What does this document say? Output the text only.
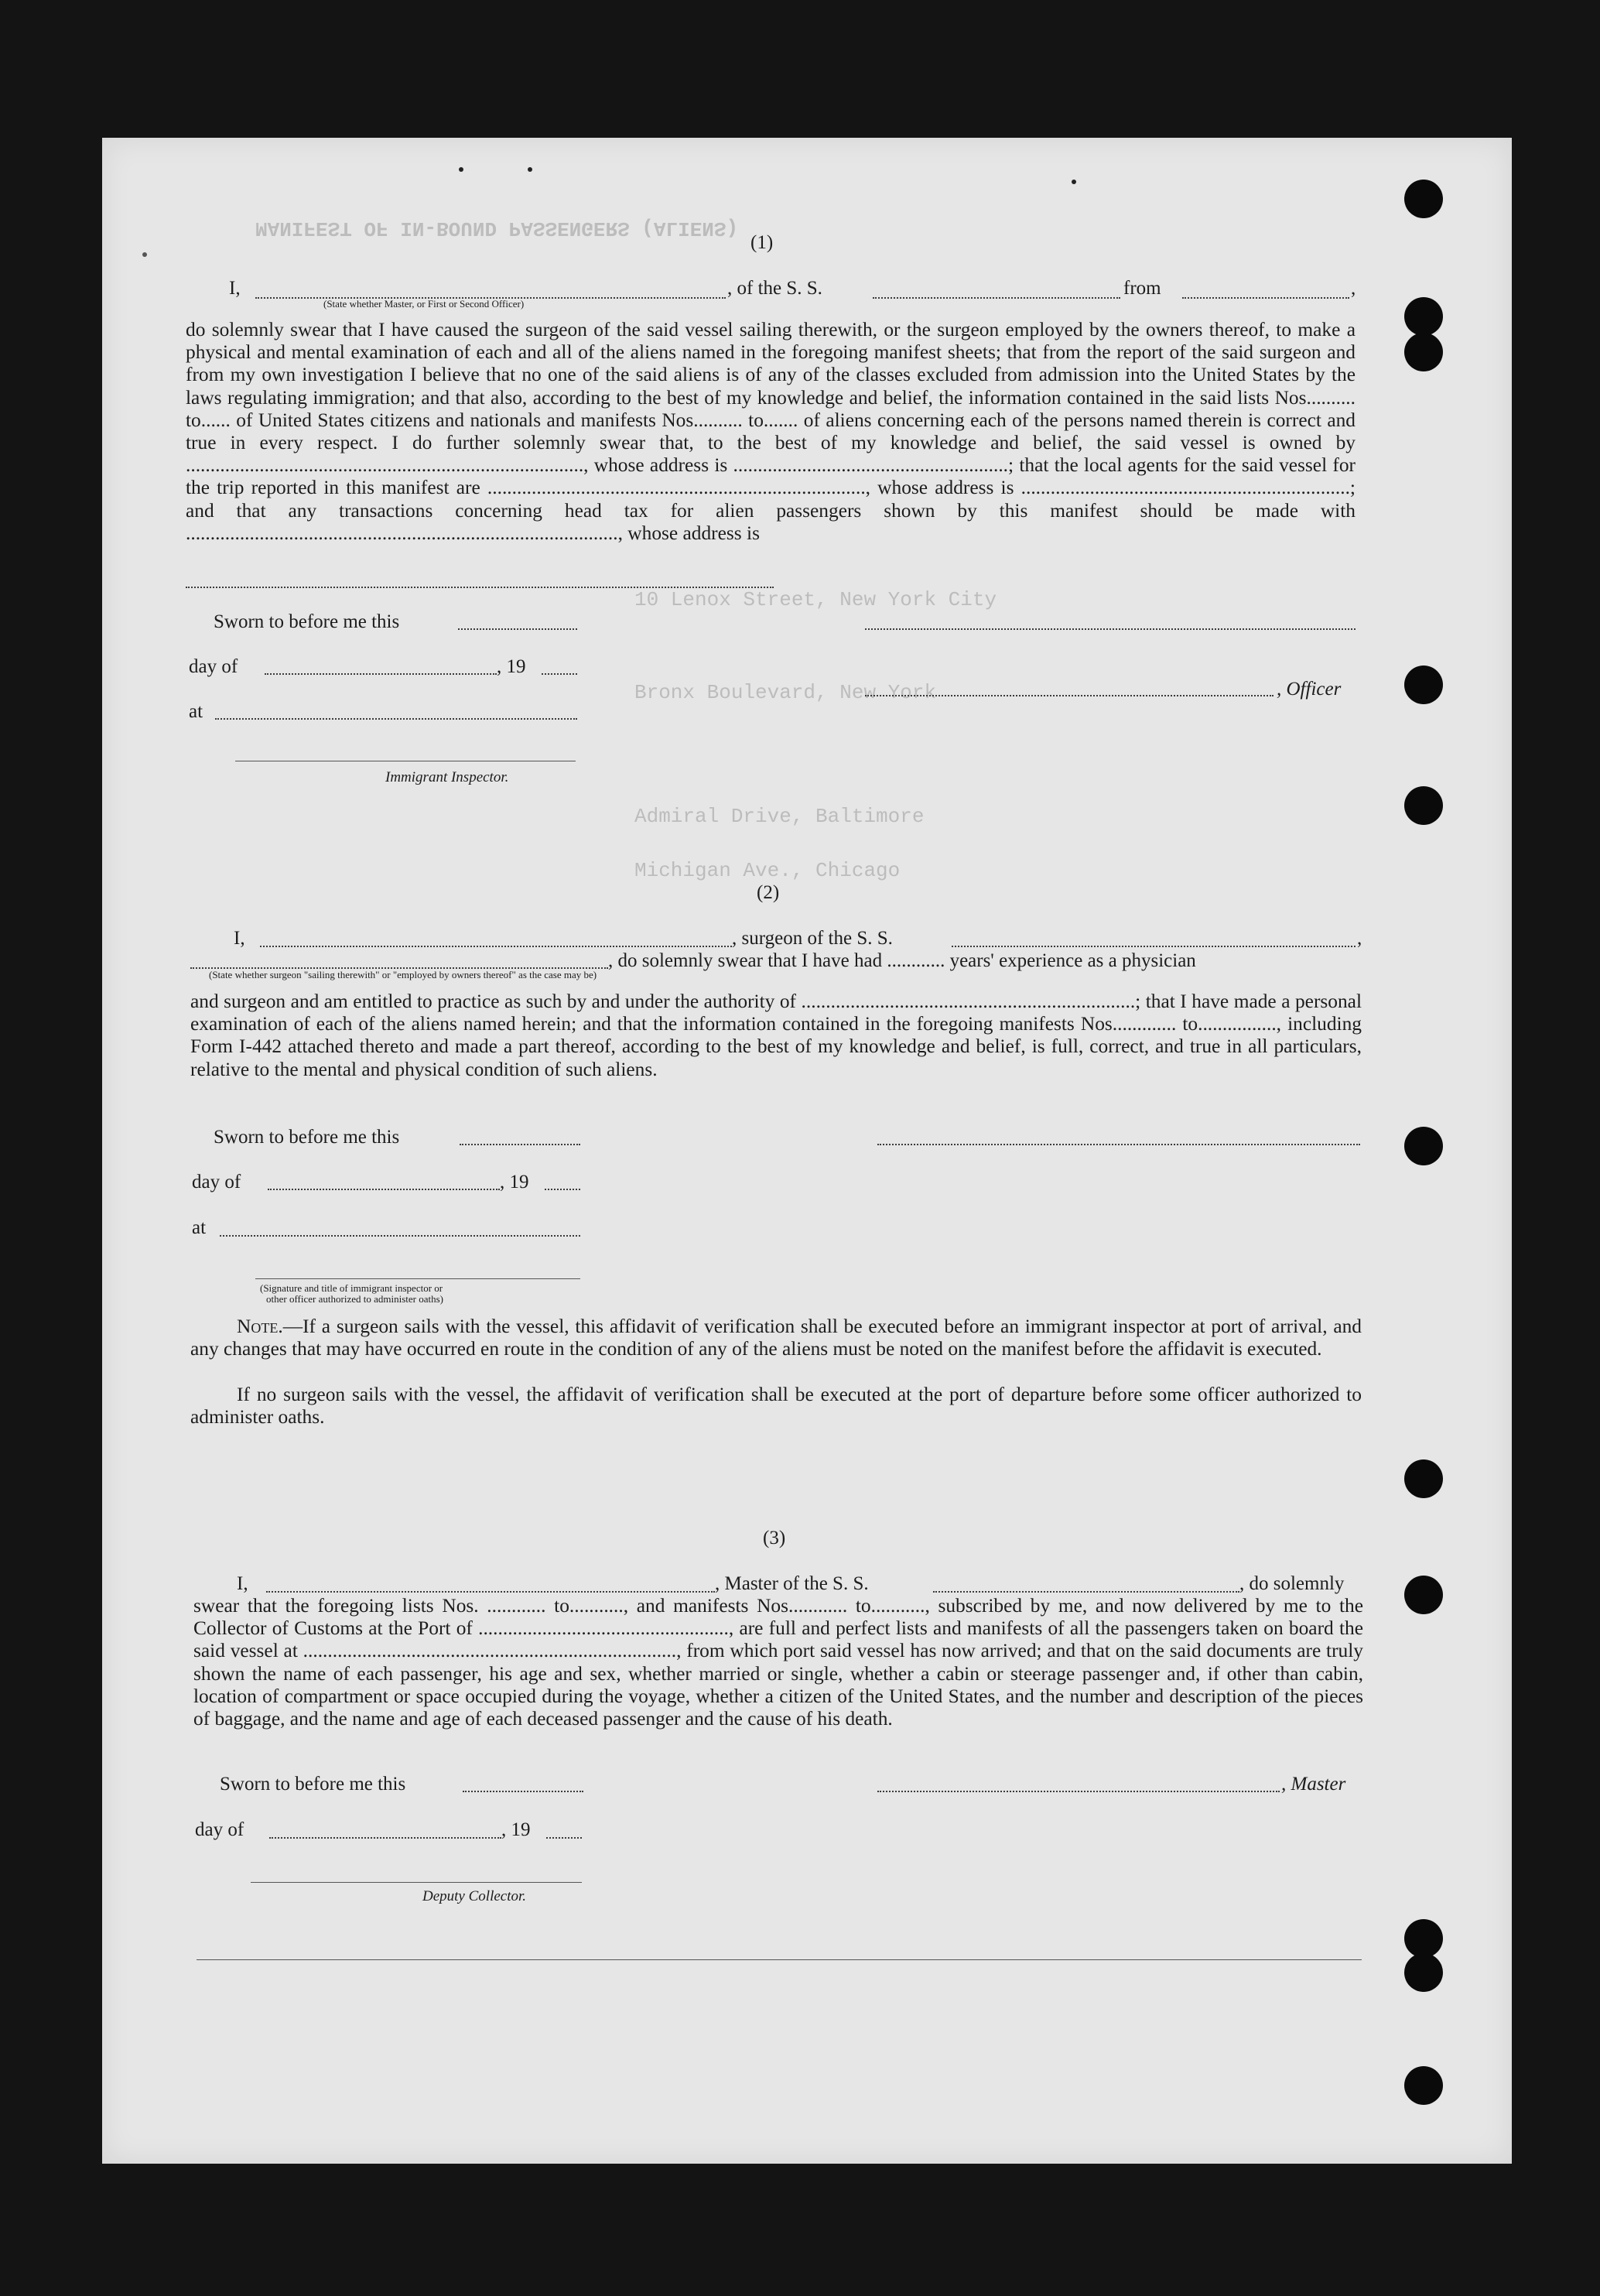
MANIFEST OF IN-BOUND PASSENGERS (ALIENS)
10 Lenox Street, New York City
Bronx Boulevard, New York
Admiral Drive, Baltimore
Michigan Ave., Chicago
(1)
I,	, of the S. S.	from	,
(State whether Master, or First or Second Officer)
do solemnly swear that I have caused the surgeon of the said vessel sailing therewith, or the surgeon employed by the owners thereof, to make a physical and mental examination of each and all of the aliens named in the foregoing manifest sheets; that from the report of the said surgeon and from my own investigation I believe that no one of the said aliens is of any of the classes excluded from admission into the United States by the laws regulating immigration; and that also, according to the best of my knowledge and belief, the information contained in the said lists Nos.......... to...... of United States citizens and nationals and manifests Nos.......... to....... of aliens concerning each of the persons named therein is correct and true in every respect. I do further solemnly swear that, to the best of my knowledge and belief, the said vessel is owned by ................................................................................., whose address is ........................................................; that the local agents for the said vessel for the trip reported in this manifest are ............................................................................., whose address is ...................................................................; and that any transactions concerning head tax for alien passengers shown by this manifest should be made with ........................................................................................, whose address is
Sworn to before me this
day of	, 19
, Officer
at
Immigrant Inspector.
(2)
I,	, surgeon of the S. S.	,
, do solemnly swear that I have had ............ years' experience as a physician
(State whether surgeon "sailing therewith" or "employed by owners thereof" as the case may be)
and surgeon and am entitled to practice as such by and under the authority of ....................................................................; that I have made a personal examination of each of the aliens named herein; and that the information contained in the foregoing manifests Nos............. to................, including Form I-442 attached thereto and made a part thereof, according to the best of my knowledge and belief, is full, correct, and true in all particulars, relative to the mental and physical condition of such aliens.
Sworn to before me this
day of	, 19
at
(Signature and title of immigrant inspector or
other officer authorized to administer oaths)
Note.—If a surgeon sails with the vessel, this affidavit of verification shall be executed before an immigrant inspector at port of arrival, and any changes that may have occurred en route in the condition of any of the aliens must be noted on the manifest before the affidavit is executed.
If no surgeon sails with the vessel, the affidavit of verification shall be executed at the port of departure before some officer authorized to administer oaths.
(3)
I,	, Master of the S. S.	, do solemnly
swear that the foregoing lists Nos. ............ to..........., and manifests Nos............ to..........., subscribed by me, and now delivered by me to the Collector of Customs at the Port of ..................................................., are full and perfect lists and manifests of all the passengers taken on board the said vessel at ............................................................................, from which port said vessel has now arrived; and that on the said documents are truly shown the name of each passenger, his age and sex, whether married or single, whether a cabin or steerage passenger and, if other than cabin, location of compartment or space occupied during the voyage, whether a citizen of the United States, and the number and description of the pieces of baggage, and the name and age of each deceased passenger and the cause of his death.
Sworn to before me this	, Master
day of	, 19
Deputy Collector.
